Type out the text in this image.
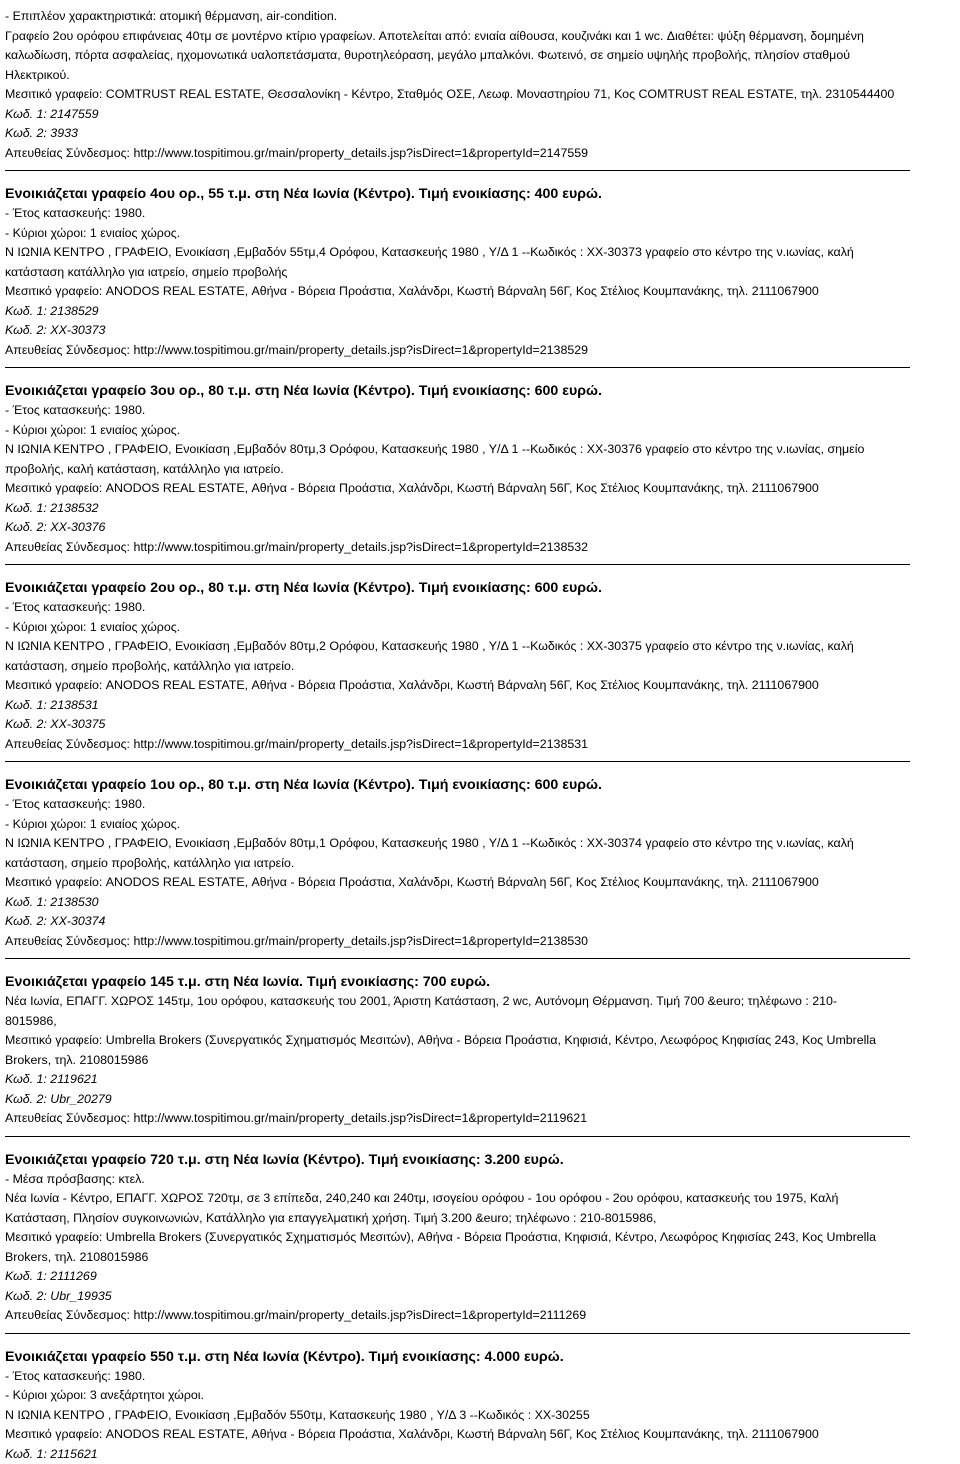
- Επιπλέον χαρακτηριστικά: ατομική θέρμανση, air-condition.
Γραφείο 2ου ορόφου επιφάνειας 40τμ σε μοντέρνο κτίριο γραφείων. Αποτελείται από: ενιαία αίθουσα, κουζινάκι και 1 wc. Διαθέτει: ψύξη θέρμανση, δομημένη
καλωδίωση, πόρτα ασφαλείας, ηχομονωτικά υαλοπετάσματα, θυροτηλεόραση, μεγάλο μπαλκόνι. Φωτεινό, σε σημείο υψηλής προβολής, πλησίον σταθμού
Ηλεκτρικού.
Μεσιτικό γραφείο: COMTRUST REAL ESTATE, Θεσσαλονίκη - Κέντρο, Σταθμός ΟΣΕ, Λεωφ. Μοναστηρίου 71, Κος COMTRUST REAL ESTATE, τηλ. 2310544400
Κωδ. 1: 2147559
Κωδ. 2: 3933
Απευθείας Σύνδεσμος: http://www.tospitimou.gr/main/property_details.jsp?isDirect=1&propertyId=2147559
Ενοικιάζεται γραφείο 4ου ορ., 55 τ.μ. στη Νέα Ιωνία (Κέντρο). Τιμή ενοικίασης: 400 ευρώ.
- Έτος κατασκευής: 1980.
- Κύριοι χώροι: 1 ενιαίος χώρος.
Ν ΙΩΝΙΑ ΚΕΝΤΡΟ , ΓΡΑΦΕΙΟ, Ενοικίαση ,Εμβαδόν 55τμ,4 Ορόφου, Κατασκευής 1980 , Υ/Δ 1 --Κωδικός : XX-30373 γραφείο στο κέντρο της ν.ιωνίας, καλή
κατάσταση κατάλληλο για ιατρείο, σημείο προβολής
Μεσιτικό γραφείο: ANODOS REAL ESTATE, Αθήνα - Βόρεια Προάστια, Χαλάνδρι, Κωστή Βάρναλη 56Γ, Κος Στέλιος Κουμπανάκης, τηλ. 2111067900
Κωδ. 1: 2138529
Κωδ. 2: XX-30373
Απευθείας Σύνδεσμος: http://www.tospitimou.gr/main/property_details.jsp?isDirect=1&propertyId=2138529
Ενοικιάζεται γραφείο 3ου ορ., 80 τ.μ. στη Νέα Ιωνία (Κέντρο). Τιμή ενοικίασης: 600 ευρώ.
- Έτος κατασκευής: 1980.
- Κύριοι χώροι: 1 ενιαίος χώρος.
Ν ΙΩΝΙΑ ΚΕΝΤΡΟ , ΓΡΑΦΕΙΟ, Ενοικίαση ,Εμβαδόν 80τμ,3 Ορόφου, Κατασκευής 1980 , Υ/Δ 1 --Κωδικός : XX-30376 γραφείο στο κέντρο της ν.ιωνίας, σημείο
προβολής, καλή κατάσταση, κατάλληλο για ιατρείο.
Μεσιτικό γραφείο: ANODOS REAL ESTATE, Αθήνα - Βόρεια Προάστια, Χαλάνδρι, Κωστή Βάρναλη 56Γ, Κος Στέλιος Κουμπανάκης, τηλ. 2111067900
Κωδ. 1: 2138532
Κωδ. 2: XX-30376
Απευθείας Σύνδεσμος: http://www.tospitimou.gr/main/property_details.jsp?isDirect=1&propertyId=2138532
Ενοικιάζεται γραφείο 2ου ορ., 80 τ.μ. στη Νέα Ιωνία (Κέντρο). Τιμή ενοικίασης: 600 ευρώ.
- Έτος κατασκευής: 1980.
- Κύριοι χώροι: 1 ενιαίος χώρος.
Ν ΙΩΝΙΑ ΚΕΝΤΡΟ , ΓΡΑΦΕΙΟ, Ενοικίαση ,Εμβαδόν 80τμ,2 Ορόφου, Κατασκευής 1980 , Υ/Δ 1 --Κωδικός : XX-30375 γραφείο στο κέντρο της ν.ιωνίας, καλή
κατάσταση, σημείο προβολής, κατάλληλο για ιατρείο.
Μεσιτικό γραφείο: ANODOS REAL ESTATE, Αθήνα - Βόρεια Προάστια, Χαλάνδρι, Κωστή Βάρναλη 56Γ, Κος Στέλιος Κουμπανάκης, τηλ. 2111067900
Κωδ. 1: 2138531
Κωδ. 2: XX-30375
Απευθείας Σύνδεσμος: http://www.tospitimou.gr/main/property_details.jsp?isDirect=1&propertyId=2138531
Ενοικιάζεται γραφείο 1ου ορ., 80 τ.μ. στη Νέα Ιωνία (Κέντρο). Τιμή ενοικίασης: 600 ευρώ.
- Έτος κατασκευής: 1980.
- Κύριοι χώροι: 1 ενιαίος χώρος.
Ν ΙΩΝΙΑ ΚΕΝΤΡΟ , ΓΡΑΦΕΙΟ, Ενοικίαση ,Εμβαδόν 80τμ,1 Ορόφου, Κατασκευής 1980 , Υ/Δ 1 --Κωδικός : XX-30374 γραφείο στο κέντρο της ν.ιωνίας, καλή
κατάσταση, σημείο προβολής, κατάλληλο για ιατρείο.
Μεσιτικό γραφείο: ANODOS REAL ESTATE, Αθήνα - Βόρεια Προάστια, Χαλάνδρι, Κωστή Βάρναλη 56Γ, Κος Στέλιος Κουμπανάκης, τηλ. 2111067900
Κωδ. 1: 2138530
Κωδ. 2: XX-30374
Απευθείας Σύνδεσμος: http://www.tospitimou.gr/main/property_details.jsp?isDirect=1&propertyId=2138530
Ενοικιάζεται γραφείο 145 τ.μ. στη Νέα Ιωνία. Τιμή ενοικίασης: 700 ευρώ.
Νέα Ιωνία, ΕΠΑΓΓ. ΧΩΡΟΣ 145τμ, 1ου ορόφου, κατασκευής του 2001, Άριστη Κατάσταση, 2 wc, Αυτόνομη Θέρμανση. Τιμή 700 &euro; τηλέφωνο : 210-
8015986,
Μεσιτικό γραφείο: Umbrella Brokers (Συνεργατικός Σχηματισμός Μεσιτών), Αθήνα - Βόρεια Προάστια, Κηφισιά, Κέντρο, Λεωφόρος Κηφισίας 243, Κος Umbrella
Brokers, τηλ. 2108015986
Κωδ. 1: 2119621
Κωδ. 2: Ubr_20279
Απευθείας Σύνδεσμος: http://www.tospitimou.gr/main/property_details.jsp?isDirect=1&propertyId=2119621
Ενοικιάζεται γραφείο 720 τ.μ. στη Νέα Ιωνία (Κέντρο). Τιμή ενοικίασης: 3.200 ευρώ.
- Μέσα πρόσβασης: κτελ.
Νέα Ιωνία - Κέντρο, ΕΠΑΓΓ. ΧΩΡΟΣ 720τμ, σε 3 επίπεδα, 240,240 και 240τμ, ισογείου ορόφου - 1ου ορόφου - 2ου ορόφου, κατασκευής του 1975, Καλή
Κατάσταση, Πλησίον συγκοινωνιών, Κατάλληλο για επαγγελματική χρήση. Τιμή 3.200 &euro; τηλέφωνο : 210-8015986,
Μεσιτικό γραφείο: Umbrella Brokers (Συνεργατικός Σχηματισμός Μεσιτών), Αθήνα - Βόρεια Προάστια, Κηφισιά, Κέντρο, Λεωφόρος Κηφισίας 243, Κος Umbrella
Brokers, τηλ. 2108015986
Κωδ. 1: 2111269
Κωδ. 2: Ubr_19935
Απευθείας Σύνδεσμος: http://www.tospitimou.gr/main/property_details.jsp?isDirect=1&propertyId=2111269
Ενοικιάζεται γραφείο 550 τ.μ. στη Νέα Ιωνία (Κέντρο). Τιμή ενοικίασης: 4.000 ευρώ.
- Έτος κατασκευής: 1980.
- Κύριοι χώροι: 3 ανεξάρτητοι χώροι.
Ν ΙΩΝΙΑ ΚΕΝΤΡΟ , ΓΡΑΦΕΙΟ, Ενοικίαση ,Εμβαδόν 550τμ, Κατασκευής 1980 , Υ/Δ 3 --Κωδικός : XX-30255
Μεσιτικό γραφείο: ANODOS REAL ESTATE, Αθήνα - Βόρεια Προάστια, Χαλάνδρι, Κωστή Βάρναλη 56Γ, Κος Στέλιος Κουμπανάκης, τηλ. 2111067900
Κωδ. 1: 2115621
